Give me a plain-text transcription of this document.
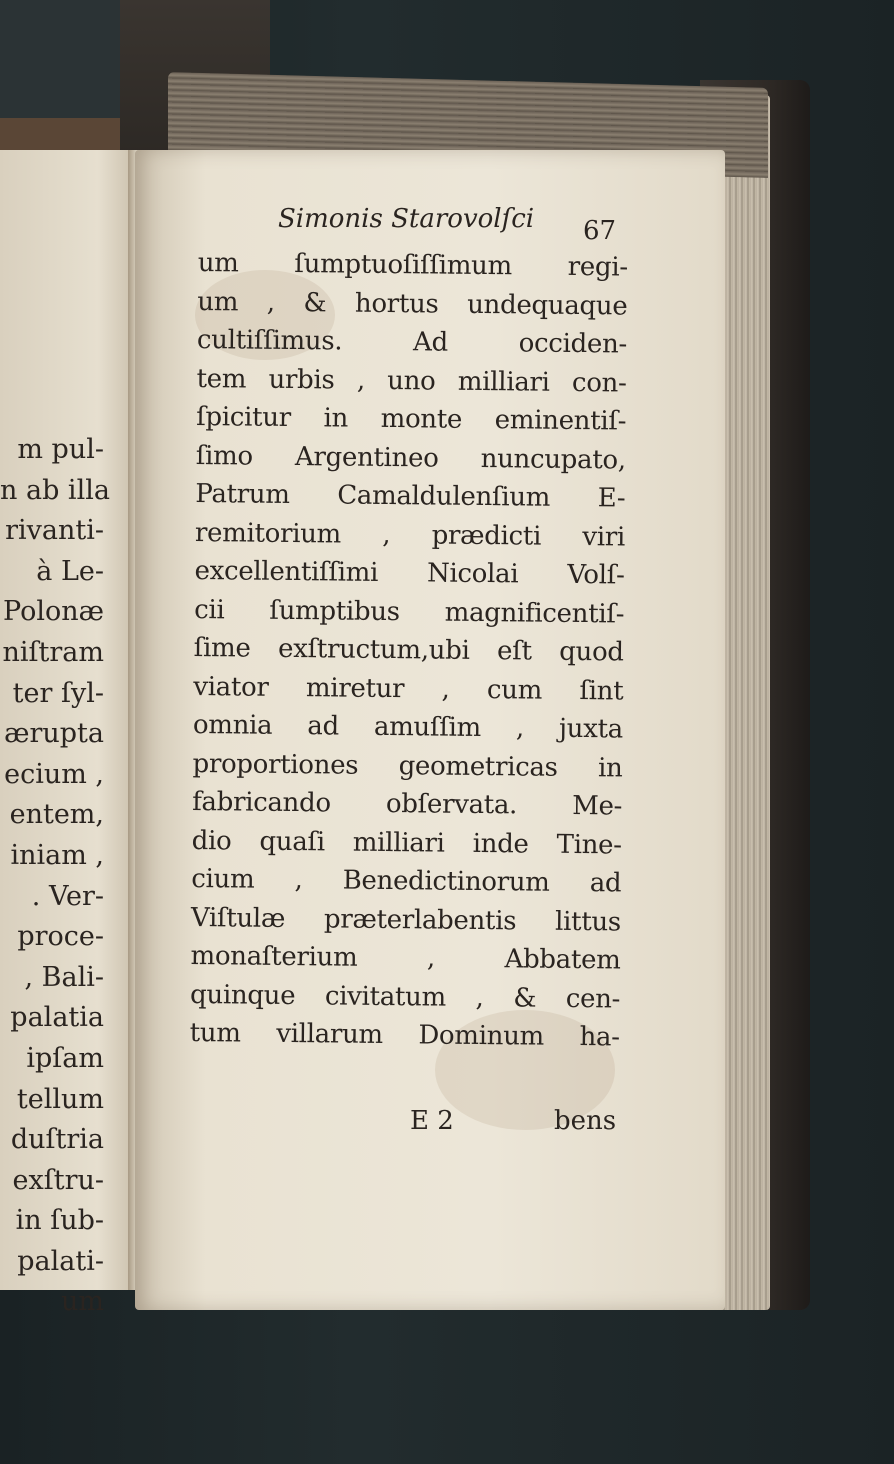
m pul-
n ab illa
rivanti-
à Le-
Polonæ
niſtram
ter ſyl-
ærupta
ecium ,
entem,
iniam ,
. Ver-
proce-
, Bali-
palatia
ipſam
tellum
duſtria
exſtru-
in ſub-
palati-
um
Simonis Starovolſci 67
um ſumptuoſiſſimum regi-
um , & hortus undequaque
cultiſſimus. Ad occiden-
tem urbis , uno milliari con-
ſpicitur in monte eminentiſ-
ſimo Argentineo nuncupato,
Patrum Camaldulenſium E-
remitorium , prædicti viri
excellentiſſimi Nicolai Volſ-
cii ſumptibus magnificentiſ-
ſime exſtructum,ubi eſt quod
viator miretur , cum ſint
omnia ad amuſſim , juxta
proportiones geometricas in
fabricando obſervata. Me-
dio quaſi milliari inde Tine-
cium , Benedictinorum ad
Viſtulæ præterlabentis littus
monaſterium , Abbatem
quinque civitatum , & cen-
tum villarum Dominum ha-
E 2	bens
